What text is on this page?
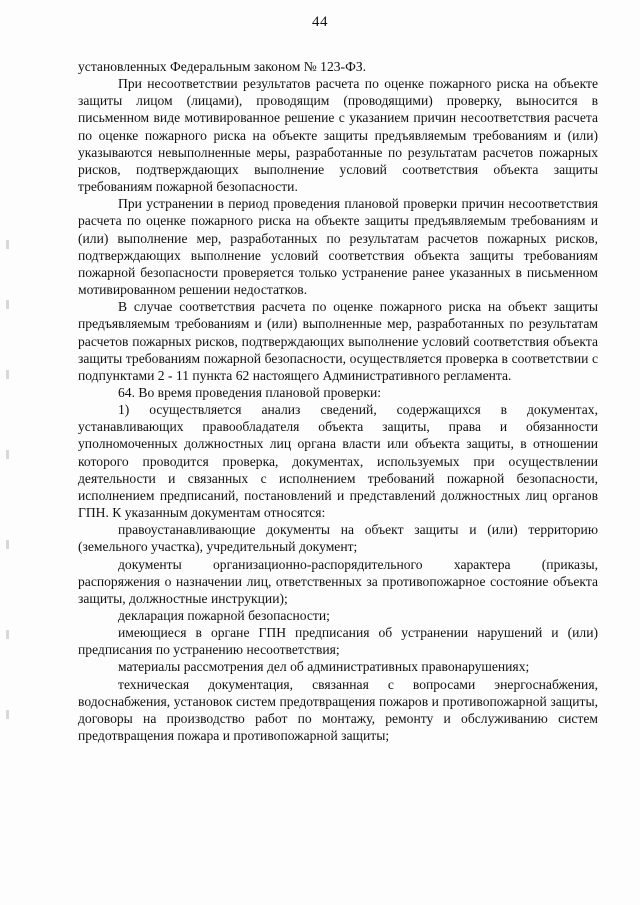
44

установленных Федеральным законом № 123-ФЗ.

При несоответствии результатов расчета по оценке пожарного риска на объекте защиты лицом (лицами), проводящим (проводящими) проверку, выносится в письменном виде мотивированное решение с указанием причин несоответствия расчета по оценке пожарного риска на объекте защиты предъявляемым требованиям и (или) указываются невыполненные меры, разработанные по результатам расчетов пожарных рисков, подтверждающих выполнение условий соответствия объекта защиты требованиям пожарной безопасности.

При устранении в период проведения плановой проверки причин несоответствия расчета по оценке пожарного риска на объекте защиты предъявляемым требованиям и (или) выполнение мер, разработанных по результатам расчетов пожарных рисков, подтверждающих выполнение условий соответствия объекта защиты требованиям пожарной безопасности проверяется только устранение ранее указанных в письменном мотивированном решении недостатков.

В случае соответствия расчета по оценке пожарного риска на объект защиты предъявляемым требованиям и (или) выполненные мер, разработанных по результатам расчетов пожарных рисков, подтверждающих выполнение условий соответствия объекта защиты требованиям пожарной безопасности, осуществляется проверка в соответствии с подпунктами 2 - 11 пункта 62 настоящего Административного регламента.

64. Во время проведения плановой проверки:

1) осуществляется анализ сведений, содержащихся в документах, устанавливающих правообладателя объекта защиты, права и обязанности уполномоченных должностных лиц органа власти или объекта защиты, в отношении которого проводится проверка, документах, используемых при осуществлении деятельности и связанных с исполнением требований пожарной безопасности, исполнением предписаний, постановлений и представлений должностных лиц органов ГПН. К указанным документам относятся:

правоустанавливающие документы на объект защиты и (или) территорию (земельного участка), учредительный документ;

документы организационно-распорядительного характера (приказы, распоряжения о назначении лиц, ответственных за противопожарное состояние объекта защиты, должностные инструкции);

декларация пожарной безопасности;

имеющиеся в органе ГПН предписания об устранении нарушений и (или) предписания по устранению несоответствия;

материалы рассмотрения дел об административных правонарушениях;

техническая документация, связанная с вопросами энергоснабжения, водоснабжения, установок систем предотвращения пожаров и противопожарной защиты, договоры на производство работ по монтажу, ремонту и обслуживанию систем предотвращения пожара и противопожарной защиты;
